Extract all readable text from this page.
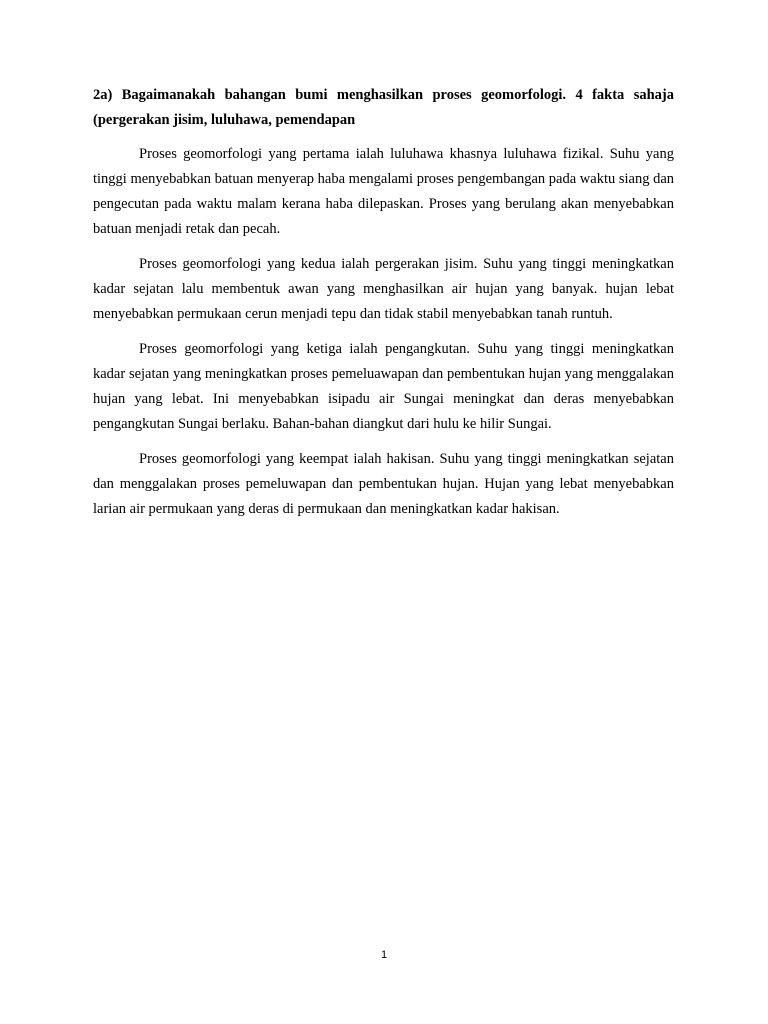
2a) Bagaimanakah bahangan bumi menghasilkan proses geomorfologi. 4 fakta sahaja (pergerakan jisim, luluhawa, pemendapan

Proses geomorfologi yang pertama ialah luluhawa khasnya luluhawa fizikal. Suhu yang tinggi menyebabkan batuan menyerap haba mengalami proses pengembangan pada waktu siang dan pengecutan pada waktu malam kerana haba dilepaskan. Proses yang berulang akan menyebabkan batuan menjadi retak dan pecah.

Proses geomorfologi yang kedua ialah pergerakan jisim. Suhu yang tinggi meningkatkan kadar sejatan lalu membentuk awan yang menghasilkan air hujan yang banyak. hujan lebat menyebabkan permukaan cerun menjadi tepu dan tidak stabil menyebabkan tanah runtuh.

Proses geomorfologi yang ketiga ialah pengangkutan. Suhu yang tinggi meningkatkan kadar sejatan yang meningkatkan proses pemeluawapan dan pembentukan hujan yang menggalakan hujan yang lebat. Ini menyebabkan isipadu air Sungai meningkat dan deras menyebabkan pengangkutan Sungai berlaku. Bahan-bahan diangkut dari hulu ke hilir Sungai.

Proses geomorfologi yang keempat ialah hakisan. Suhu yang tinggi meningkatkan sejatan dan menggalakan proses pemeluwapan dan pembentukan hujan. Hujan yang lebat menyebabkan larian air permukaan yang deras di permukaan dan meningkatkan kadar hakisan.

1
